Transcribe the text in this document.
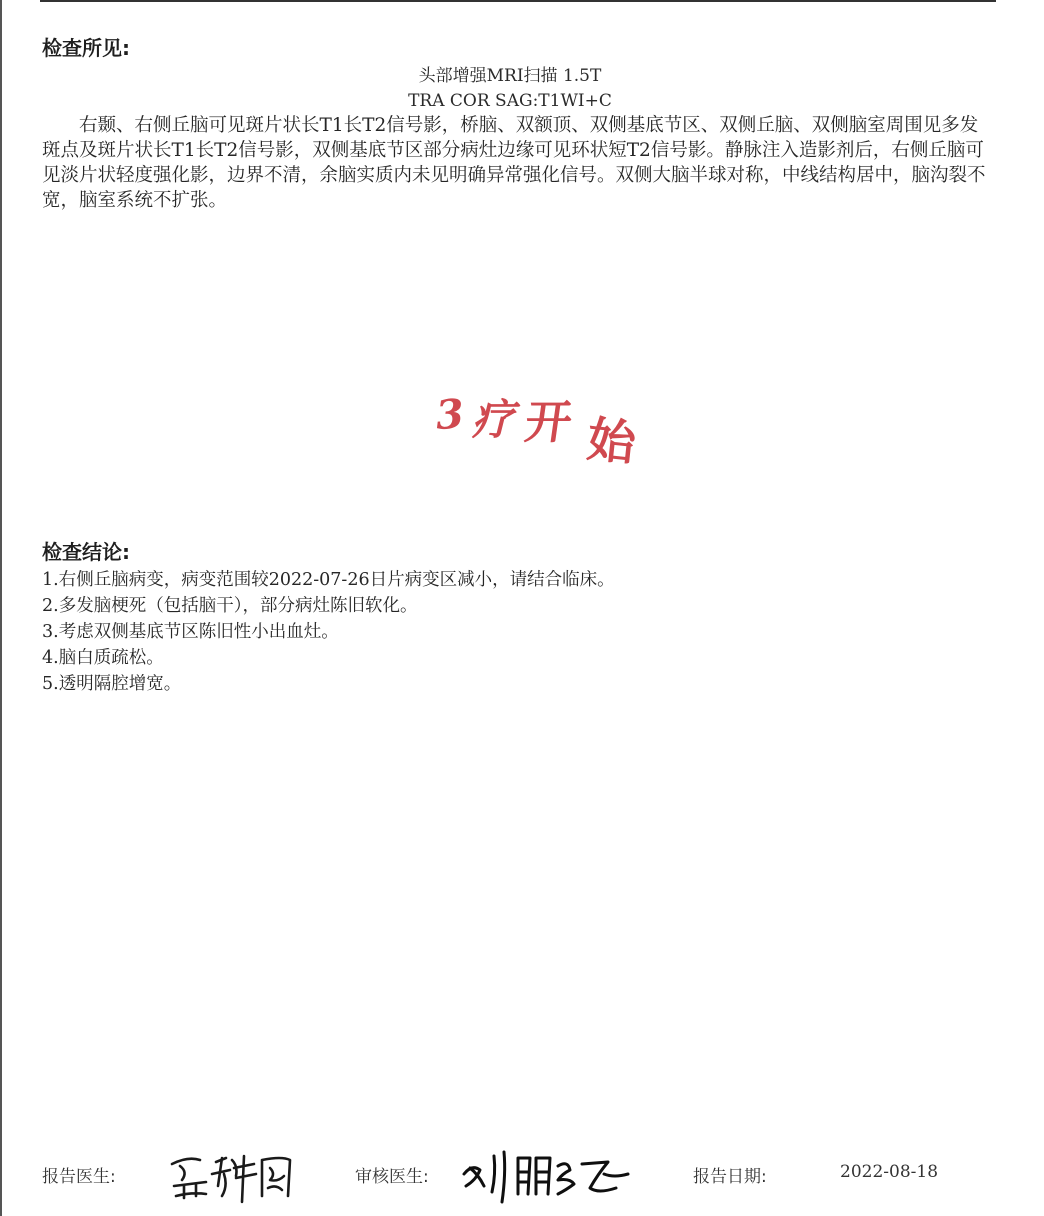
检查所见:
头部增强MRI扫描 1.5T
TRA COR SAG:T1WI+C
右颞、右侧丘脑可见斑片状长T1长T2信号影，桥脑、双额顶、双侧基底节区、双侧丘脑、双侧脑室周围见多发斑点及斑片状长T1长T2信号影，双侧基底节区部分病灶边缘可见环状短T2信号影。静脉注入造影剂后，右侧丘脑可见淡片状轻度强化影，边界不清，余脑实质内未见明确异常强化信号。双侧大脑半球对称，中线结构居中，脑沟裂不宽，脑室系统不扩张。
3 疗 开 始
检查结论:
1.右侧丘脑病变，病变范围较2022-07-26日片病变区减小，请结合临床。
2.多发脑梗死（包括脑干），部分病灶陈旧软化。
3.考虑双侧基底节区陈旧性小出血灶。
4.脑白质疏松。
5.透明隔腔增宽。
报告医生:	审核医生:	报告日期:	2022-08-18
